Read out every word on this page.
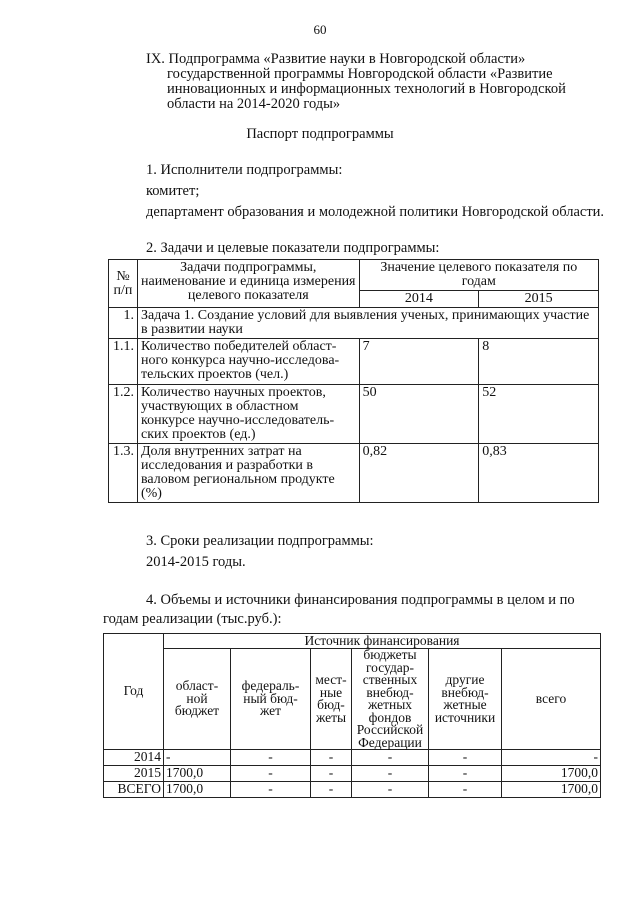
60
IX. Подпрограмма «Развитие науки в Новгородской области»
государственной программы Новгородской области «Развитие
инновационных и информационных технологий в Новгородской
области на 2014-2020 годы»
Паспорт подпрограммы
1. Исполнители подпрограммы:
комитет;
департамент образования и молодежной политики Новгородской области.
2. Задачи и целевые показатели подпрограммы:
№ п/п	Задачи подпрограммы, наименование и единица измерения целевого показателя	Значение целевого показателя по годам	
		2014	2015
1.	Задача 1. Создание условий для выявления ученых, принимающих участие в развитии науки		
1.1.	Количество победителей област-ного конкурса научно-исследова-тельских проектов (чел.)	7	8
1.2.	Количество научных проектов, участвующих в областном конкурсе научно-исследователь-ских проектов (ед.)	50	52
1.3.	Доля внутренних затрат на исследования и разработки в валовом региональном продукте (%)	0,82	0,83
3. Сроки реализации подпрограммы:
2014-2015 годы.
4. Объемы и источники финансирования подпрограммы в целом и по
годам реализации (тыс.руб.):
Год	Источник финансирования					
	област-ной бюджет	федераль-ный бюд-жет	мест-ные бюд-жеты	бюджеты государ-ственных внебюд-жетных фондов Российской Федерации	другие внебюд-жетные источники	всего
2014	-	-	-	-	-	-
2015	1700,0	-	-	-	-	1700,0
ВСЕГО	1700,0	-	-	-	-	1700,0
